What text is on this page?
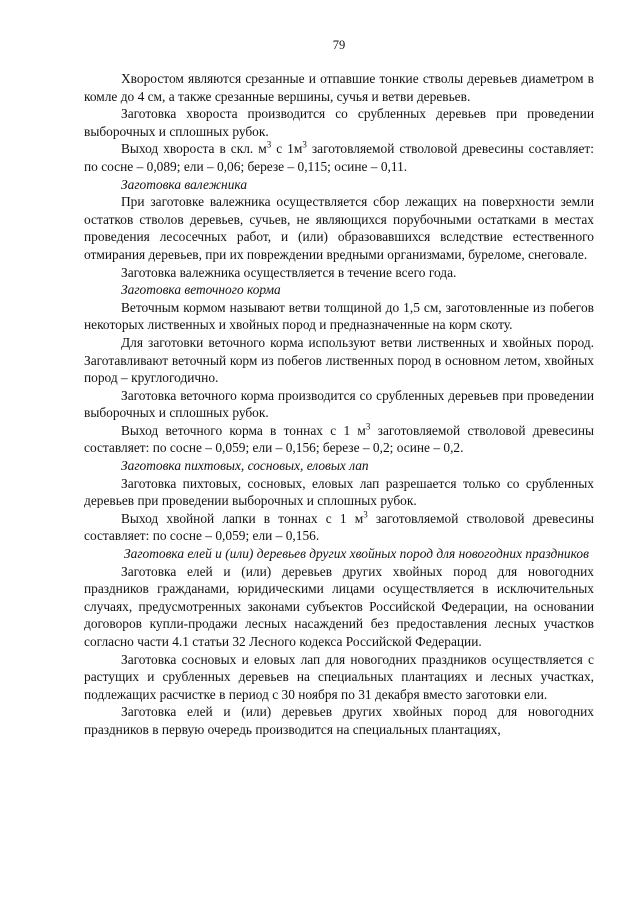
79

Хворостом являются срезанные и отпавшие тонкие стволы деревьев диаметром в комле до 4 см, а также срезанные вершины, сучья и ветви деревьев.

Заготовка хвороста производится со срубленных деревьев при проведении выборочных и сплошных рубок.

Выход хвороста в скл. $м^3$ с $1м^3$ заготовляемой стволовой древесины составляет: по сосне – 0,089; ели – 0,06; березе – 0,115; осине – 0,11.

Заготовка валежника

При заготовке валежника осуществляется сбор лежащих на поверхности земли остатков стволов деревьев, сучьев, не являющихся порубочными остатками в местах проведения лесосечных работ, и (или) образовавшихся вследствие естественного отмирания деревьев, при их повреждении вредными организмами, буреломе, снеговале.

Заготовка валежника осуществляется в течение всего года.

Заготовка веточного корма

Веточным кормом называют ветви толщиной до 1,5 см, заготовленные из побегов некоторых лиственных и хвойных пород и предназначенные на корм скоту.

Для заготовки веточного корма используют ветви лиственных и хвойных пород. Заготавливают веточный корм из побегов лиственных пород в основном летом, хвойных пород – круглогодично.

Заготовка веточного корма производится со срубленных деревьев при проведении выборочных и сплошных рубок.

Выход веточного корма в тоннах с 1 $м^3$ заготовляемой стволовой древесины составляет: по сосне – 0,059; ели – 0,156; березе – 0,2; осине – 0,2.

Заготовка пихтовых, сосновых, еловых лап

Заготовка пихтовых, сосновых, еловых лап разрешается только со срубленных деревьев при проведении выборочных и сплошных рубок.

Выход хвойной лапки в тоннах с 1 $м^3$ заготовляемой стволовой древесины составляет: по сосне – 0,059; ели – 0,156.

Заготовка елей и (или) деревьев других хвойных пород для новогодних праздников

Заготовка елей и (или) деревьев других хвойных пород для новогодних праздников гражданами, юридическими лицами осуществляется в исключительных случаях, предусмотренных законами субъектов Российской Федерации, на основании договоров купли-продажи лесных насаждений без предоставления лесных участков согласно части 4.1 статьи 32 Лесного кодекса Российской Федерации.

Заготовка сосновых и еловых лап для новогодних праздников осуществляется с растущих и срубленных деревьев на специальных плантациях и лесных участках, подлежащих расчистке в период с 30 ноября по 31 декабря вместо заготовки ели.

Заготовка елей и (или) деревьев других хвойных пород для новогодних праздников в первую очередь производится на специальных плантациях,
